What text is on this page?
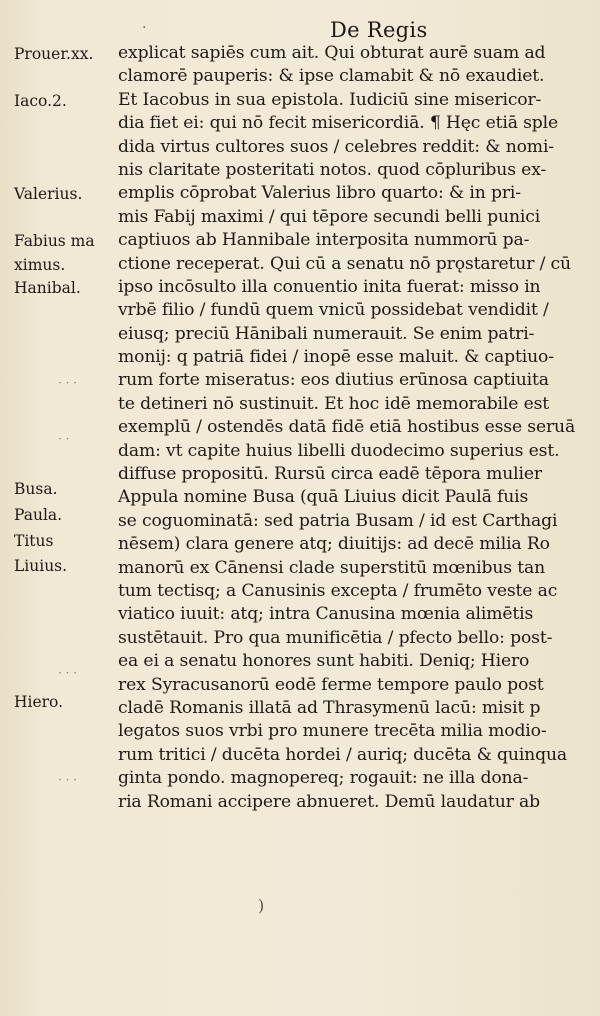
·	De Regis
Prouer.xx.
Iaco.2.
Valerius.
Fabius ma
ximus.
Hanibal.
Busa.
Paula.
Titus
Liuius.
Hiero.
· · ·
· ·
· · ·
· · ·
explicat sapiēs cum ait. Qui obturat aurē suam ad
clamorē pauperis: & ipse clamabit & nō exaudiet.
Et Iacobus in sua epistola. Iudiciū sine misericor-
dia fiet ei: qui nō fecit misericordiā. ¶ Hęc etiā sple
dida virtus cultores suos / celebres reddit: & nomi-
nis claritate posteritati notos. quod cōpluribus ex-
emplis cōprobat Valerius libro quarto: & in pri-
mis Fabij maximi / qui tēpore secundi belli punici
captiuos ab Hannibale interposita nummorū pa-
ctione receperat. Qui cū a senatu nō prǫstaretur / cū
ipso incōsulto illa conuentio inita fuerat: misso in
vrbē filio / fundū quem vnicū possidebat vendidit /
eiusq; preciū Hānibali numerauit. Se enim patri-
monij: q patriā fidei / inopē esse maluit. & captiuo-
rum forte miseratus: eos diutius erūnosa captiuita
te detineri nō sustinuit. Et hoc idē memorabile est
exemplū / ostendēs datā fidē etiā hostibus esse seruā
dam: vt capite huius libelli duodecimo superius est.
diffuse propositū. Rursū circa eadē tēpora mulier
Appula nomine Busa (quā Liuius dicit Paulā fuis
se coguominatā: sed patria Busam / id est Carthagi
nēsem) clara genere atq; diuitijs: ad decē milia Ro
manorū ex Cānensi clade superstitū mœnibus tan
tum tectisq; a Canusinis excepta / frumēto veste ac
viatico iuuit: atq; intra Canusina mœnia alimētis
sustētauit. Pro qua munificētia / pfecto bello: post-
ea ei a senatu honores sunt habiti. Deniq; Hiero
rex Syracusanorū eodē ferme tempore paulo post
cladē Romanis illatā ad Thrasymenū lacū: misit p
legatos suos vrbi pro munere trecēta milia modio-
rum tritici / ducēta hordei / auriq; ducēta & quinqua
ginta pondo. magnopereq; rogauit: ne illa dona-
ria Romani accipere abnueret. Demū laudatur ab
)
